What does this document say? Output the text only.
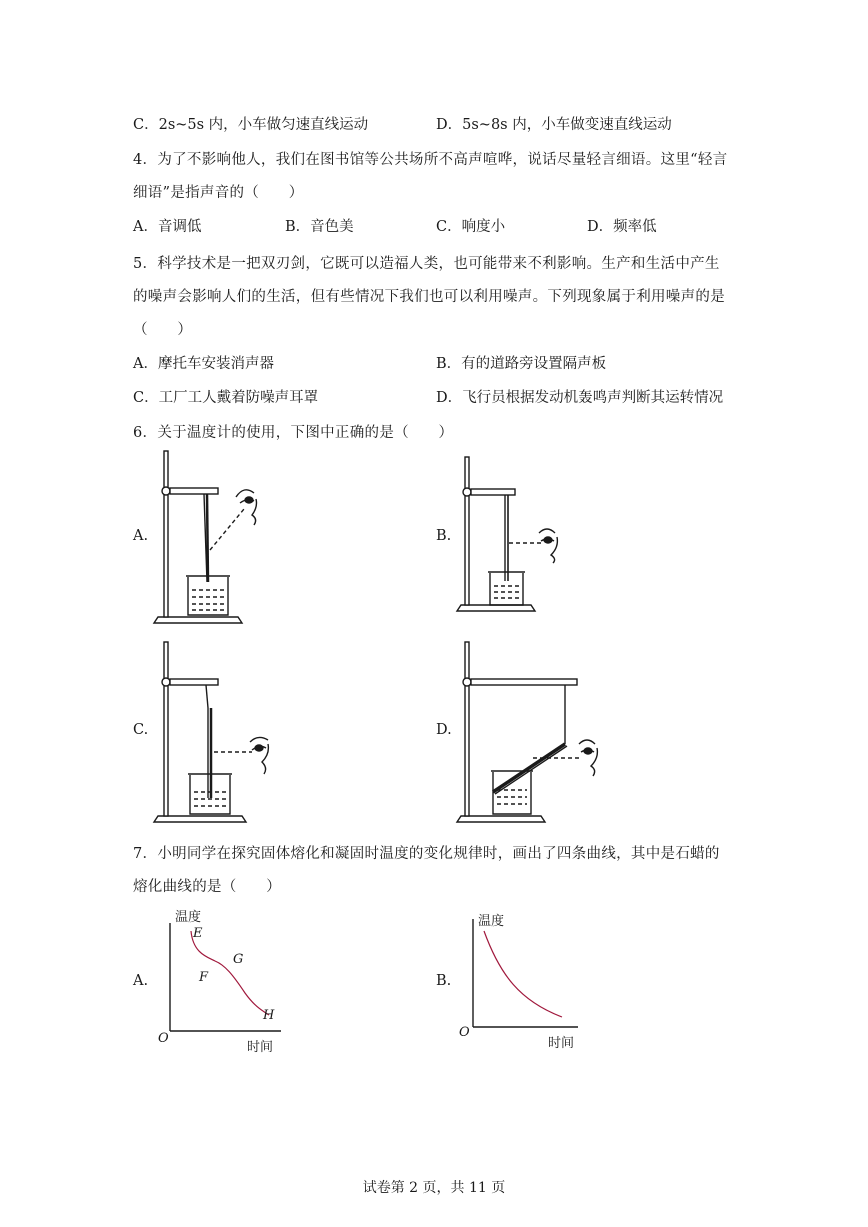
C．2s~5s 内，小车做匀速直线运动	D．5s~8s 内，小车做变速直线运动
4．为了不影响他人，我们在图书馆等公共场所不高声喧哗，说话尽量轻言细语。这里“轻言
细语”是指声音的（　　）
A．音调低	B．音色美	C．响度小	D．频率低
5．科学技术是一把双刃剑，它既可以造福人类，也可能带来不利影响。生产和生活中产生
的噪声会影响人们的生活，但有些情况下我们也可以利用噪声。下列现象属于利用噪声的是
（　　）
A．摩托车安装消声器	B．有的道路旁设置隔声板
C．工厂工人戴着防噪声耳罩	D．飞行员根据发动机轰鸣声判断其运转情况
6．关于温度计的使用，下图中正确的是（　　）
A.	B.
C.	D.
7．小明同学在探究固体熔化和凝固时温度的变化规律时，画出了四条曲线，其中是石蜡的
熔化曲线的是（　　）
A.	B.
温度
时间
O
E
F
G
H
温度
时间
O
试卷第 2 页，共 11 页
